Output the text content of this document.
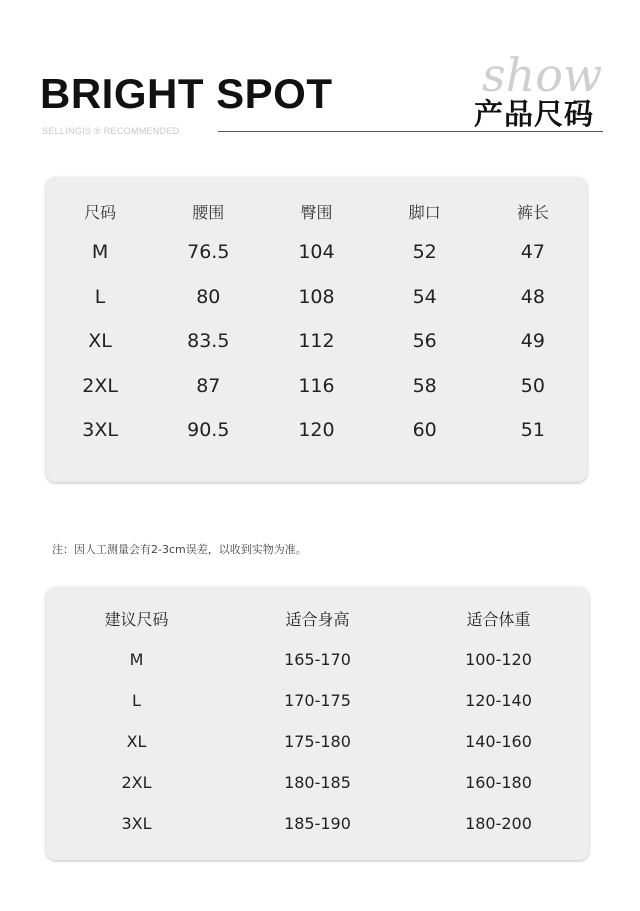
BRIGHT SPOT
SELLINGIS ® RECOMMENDED
show
产品尺码
尺码	腰围	臀围	脚口	裤长
M	76.5	104	52	47
L	80	108	54	48
XL	83.5	112	56	49
2XL	87	116	58	50
3XL	90.5	120	60	51
注：因人工测量会有2-3cm误差，以收到实物为准。
建议尺码	适合身高	适合体重
M	165-170	100-120
L	170-175	120-140
XL	175-180	140-160
2XL	180-185	160-180
3XL	185-190	180-200
